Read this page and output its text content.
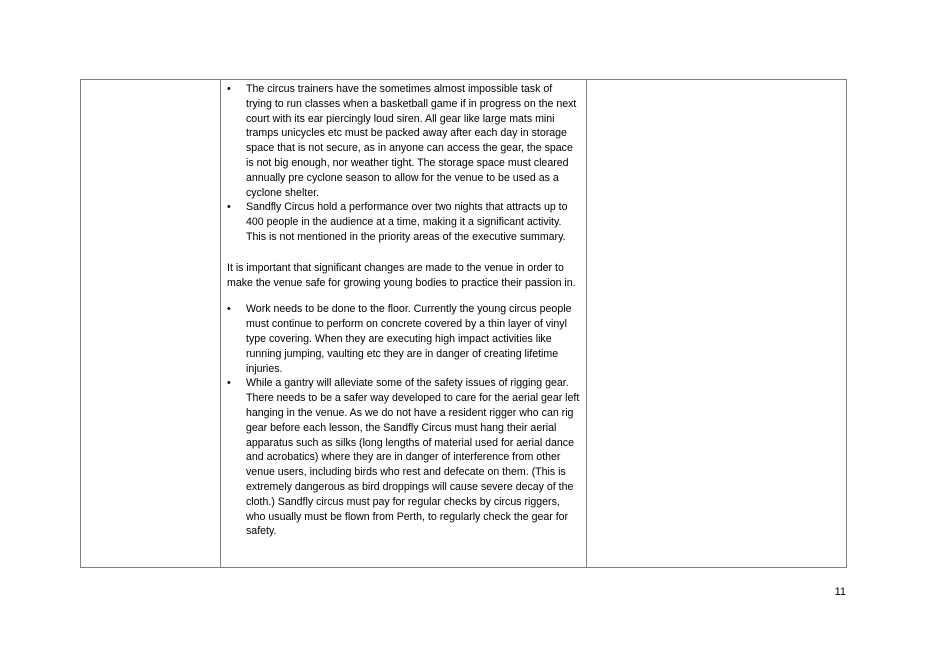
•	The circus trainers have the sometimes almost impossible task of trying to run classes when a basketball game if in progress on the next court with its ear piercingly loud siren. All gear like large mats mini tramps unicycles etc must be packed away after each day in storage space that is not secure, as in anyone can access the gear, the space is not big enough, nor weather tight. The storage space must cleared annually pre cyclone season to allow for the venue to be used as a cyclone shelter.
•	Sandfly Circus hold a performance over two nights that attracts up to 400 people in the audience at a time, making it a significant activity. This is not mentioned in the priority areas of the executive summary.

It is important that significant changes are made to the venue in order to make the venue safe for growing young bodies to practice their passion in.

•	Work needs to be done to the floor. Currently the young circus people must continue to perform on concrete covered by a thin layer of vinyl type covering. When they are executing high impact activities like running jumping, vaulting etc they are in danger of creating lifetime injuries.
•	While a gantry will alleviate some of the safety issues of rigging gear. There needs to be a safer way developed to care for the aerial gear left hanging in the venue. As we do not have a resident rigger who can rig gear before each lesson, the Sandfly Circus must hang their aerial apparatus such as silks (long lengths of material used for aerial dance and acrobatics) where they are in danger of interference from other venue users, including birds who rest and defecate on them. (This is extremely dangerous as bird droppings will cause severe decay of the cloth.) Sandfly circus must pay for regular checks by circus riggers, who usually must be flown from Perth, to regularly check the gear for safety.
11
